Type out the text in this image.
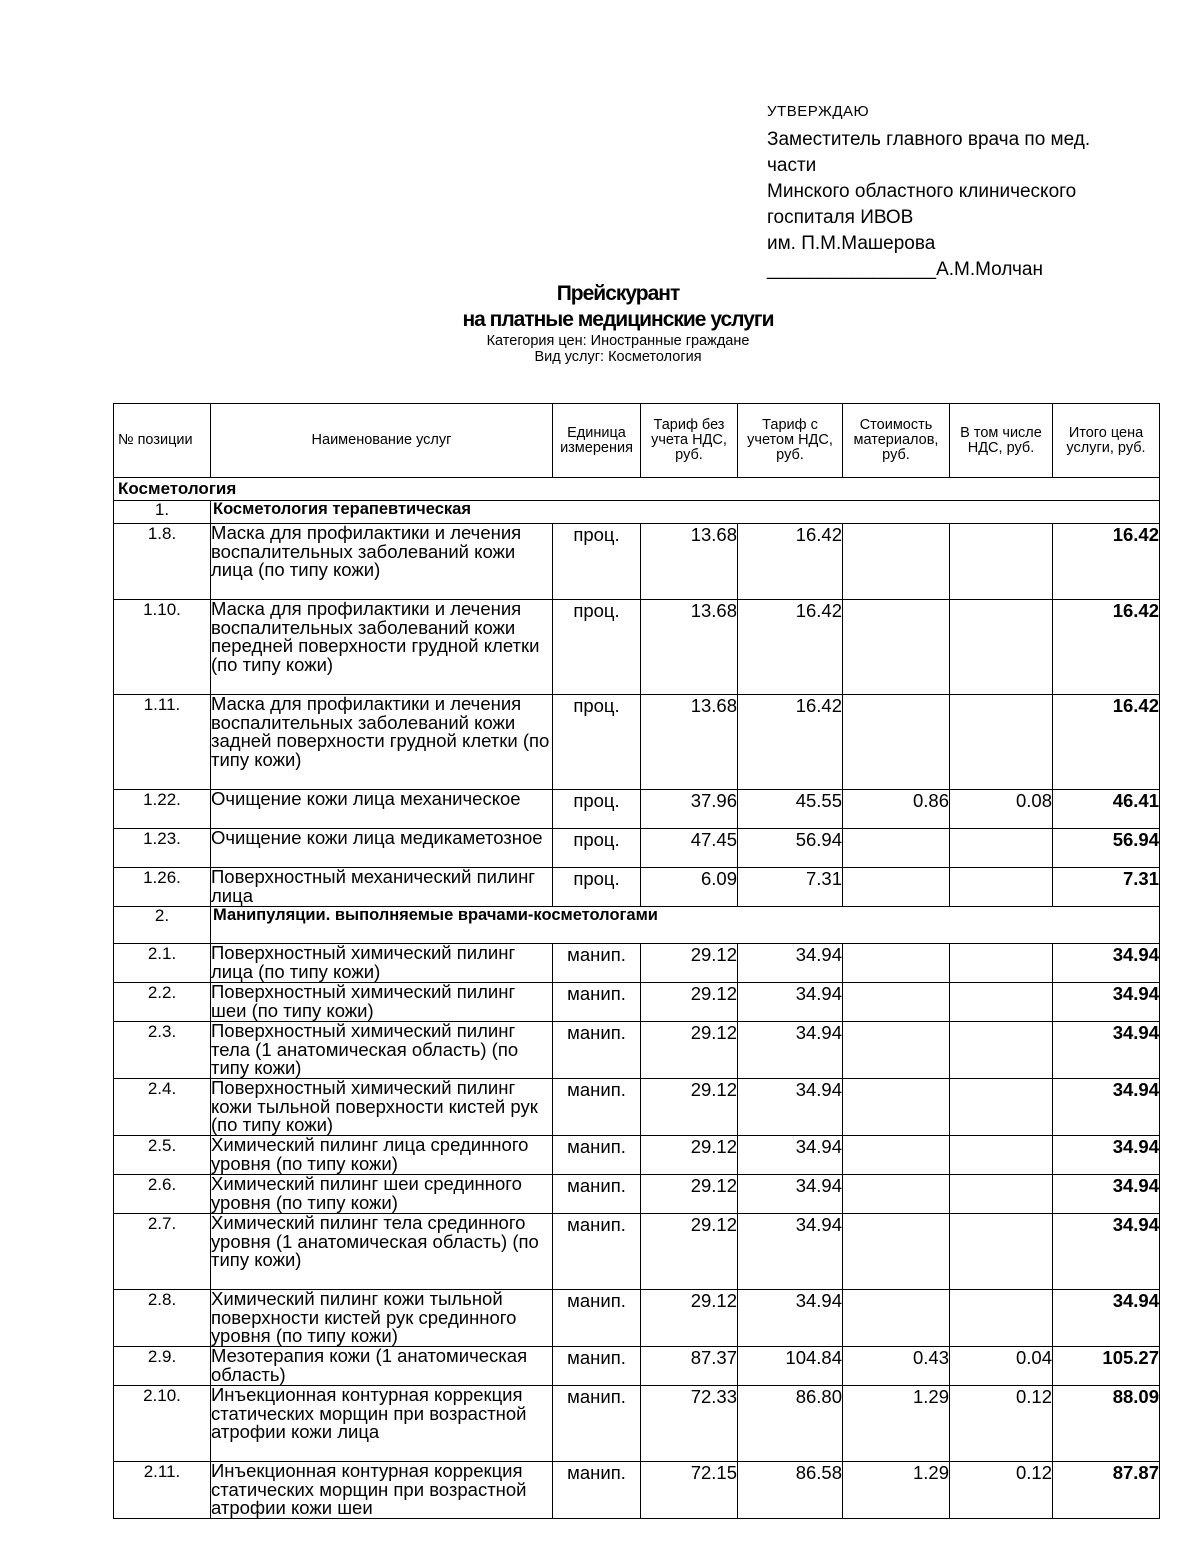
УТВЕРЖДАЮ
Заместитель главного врача по мед.
части
Минского областного клинического
госпиталя ИВОВ
им. П.М.Машерова
________________А.М.Молчан
Прейскурант
на платные медицинские услуги
Категория цен: Иностранные граждане
Вид услуг: Косметология
№ позиции	Наименование услуг	Единица измерения	Тариф без учета НДС, руб.	Тариф с учетом НДС, руб.	Стоимость материалов, руб.	В том числе НДС, руб.	Итого цена услуги, руб.
Косметология							
1.	Косметология терапевтическая						
1.8.	Маска для профилактики и лечения воспалительных заболеваний кожи лица (по типу кожи)	проц.	13.68	16.42			16.42
1.10.	Маска для профилактики и лечения воспалительных заболеваний кожи передней поверхности грудной клетки (по типу кожи)	проц.	13.68	16.42			16.42
1.11.	Маска для профилактики и лечения воспалительных заболеваний кожи задней поверхности грудной клетки (по типу кожи)	проц.	13.68	16.42			16.42
1.22.	Очищение кожи лица механическое	проц.	37.96	45.55	0.86	0.08	46.41
1.23.	Очищение кожи лица медикаметозное	проц.	47.45	56.94			56.94
1.26.	Поверхностный механический пилинг лица	проц.	6.09	7.31			7.31
2.	Манипуляции. выполняемые врачами-косметологами						
2.1.	Поверхностный химический пилинг лица (по типу кожи)	манип.	29.12	34.94			34.94
2.2.	Поверхностный химический пилинг шеи (по типу кожи)	манип.	29.12	34.94			34.94
2.3.	Поверхностный химический пилинг тела (1 анатомическая область) (по типу кожи)	манип.	29.12	34.94			34.94
2.4.	Поверхностный химический пилинг кожи тыльной поверхности кистей рук (по типу кожи)	манип.	29.12	34.94			34.94
2.5.	Химический пилинг лица срединного уровня (по типу кожи)	манип.	29.12	34.94			34.94
2.6.	Химический пилинг шеи срединного уровня (по типу кожи)	манип.	29.12	34.94			34.94
2.7.	Химический пилинг тела срединного уровня (1 анатомическая область) (по типу кожи)	манип.	29.12	34.94			34.94
2.8.	Химический пилинг кожи тыльной поверхности кистей рук срединного уровня (по типу кожи)	манип.	29.12	34.94			34.94
2.9.	Мезотерапия кожи (1 анатомическая область)	манип.	87.37	104.84	0.43	0.04	105.27
2.10.	Инъекционная контурная коррекция статических морщин при возрастной атрофии кожи лица	манип.	72.33	86.80	1.29	0.12	88.09
2.11.	Инъекционная контурная коррекция статических морщин при возрастной атрофии кожи шеи	манип.	72.15	86.58	1.29	0.12	87.87
